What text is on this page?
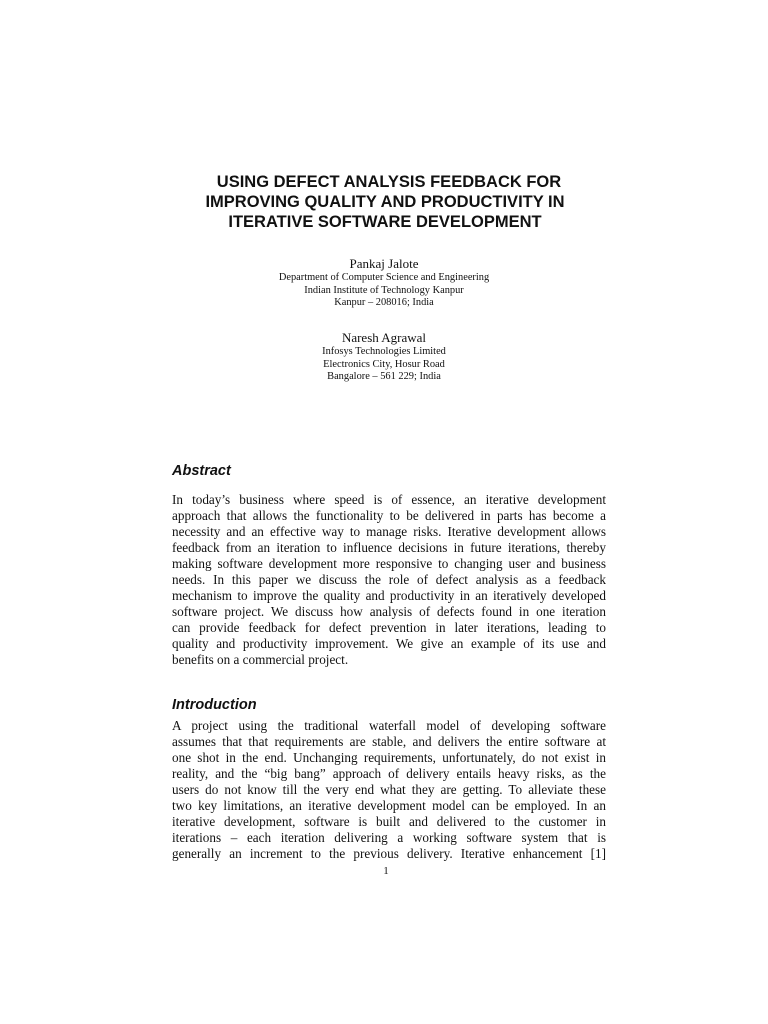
USING DEFECT ANALYSIS FEEDBACK FOR
IMPROVING QUALITY AND PRODUCTIVITY IN
ITERATIVE SOFTWARE DEVELOPMENT
Pankaj Jalote
Department of Computer Science and Engineering
Indian Institute of Technology Kanpur
Kanpur – 208016; India
Naresh Agrawal
Infosys Technologies Limited
Electronics City, Hosur Road
Bangalore – 561 229; India
Abstract
In today’s business where speed is of essence, an iterative development
approach that allows the functionality to be delivered in parts has become a
necessity and an effective way to manage risks. Iterative development allows
feedback from an iteration to influence decisions in future iterations, thereby
making software development more responsive to changing user and business
needs. In this paper we discuss the role of defect analysis as a feedback
mechanism to improve the quality and productivity in an iteratively developed
software project. We discuss how analysis of defects found in one iteration
can provide feedback for defect prevention in later iterations, leading to
quality and productivity improvement. We give an example of its use and
benefits on a commercial project.
Introduction
A project using the traditional waterfall model of developing software
assumes that that requirements are stable, and delivers the entire software at
one shot in the end. Unchanging requirements, unfortunately, do not exist in
reality, and the “big bang” approach of delivery entails heavy risks, as the
users do not know till the very end what they are getting. To alleviate these
two key limitations, an iterative development model can be employed. In an
iterative development, software is built and delivered to the customer in
iterations – each iteration delivering a working software system that is
generally an increment to the previous delivery. Iterative enhancement [1]
1
